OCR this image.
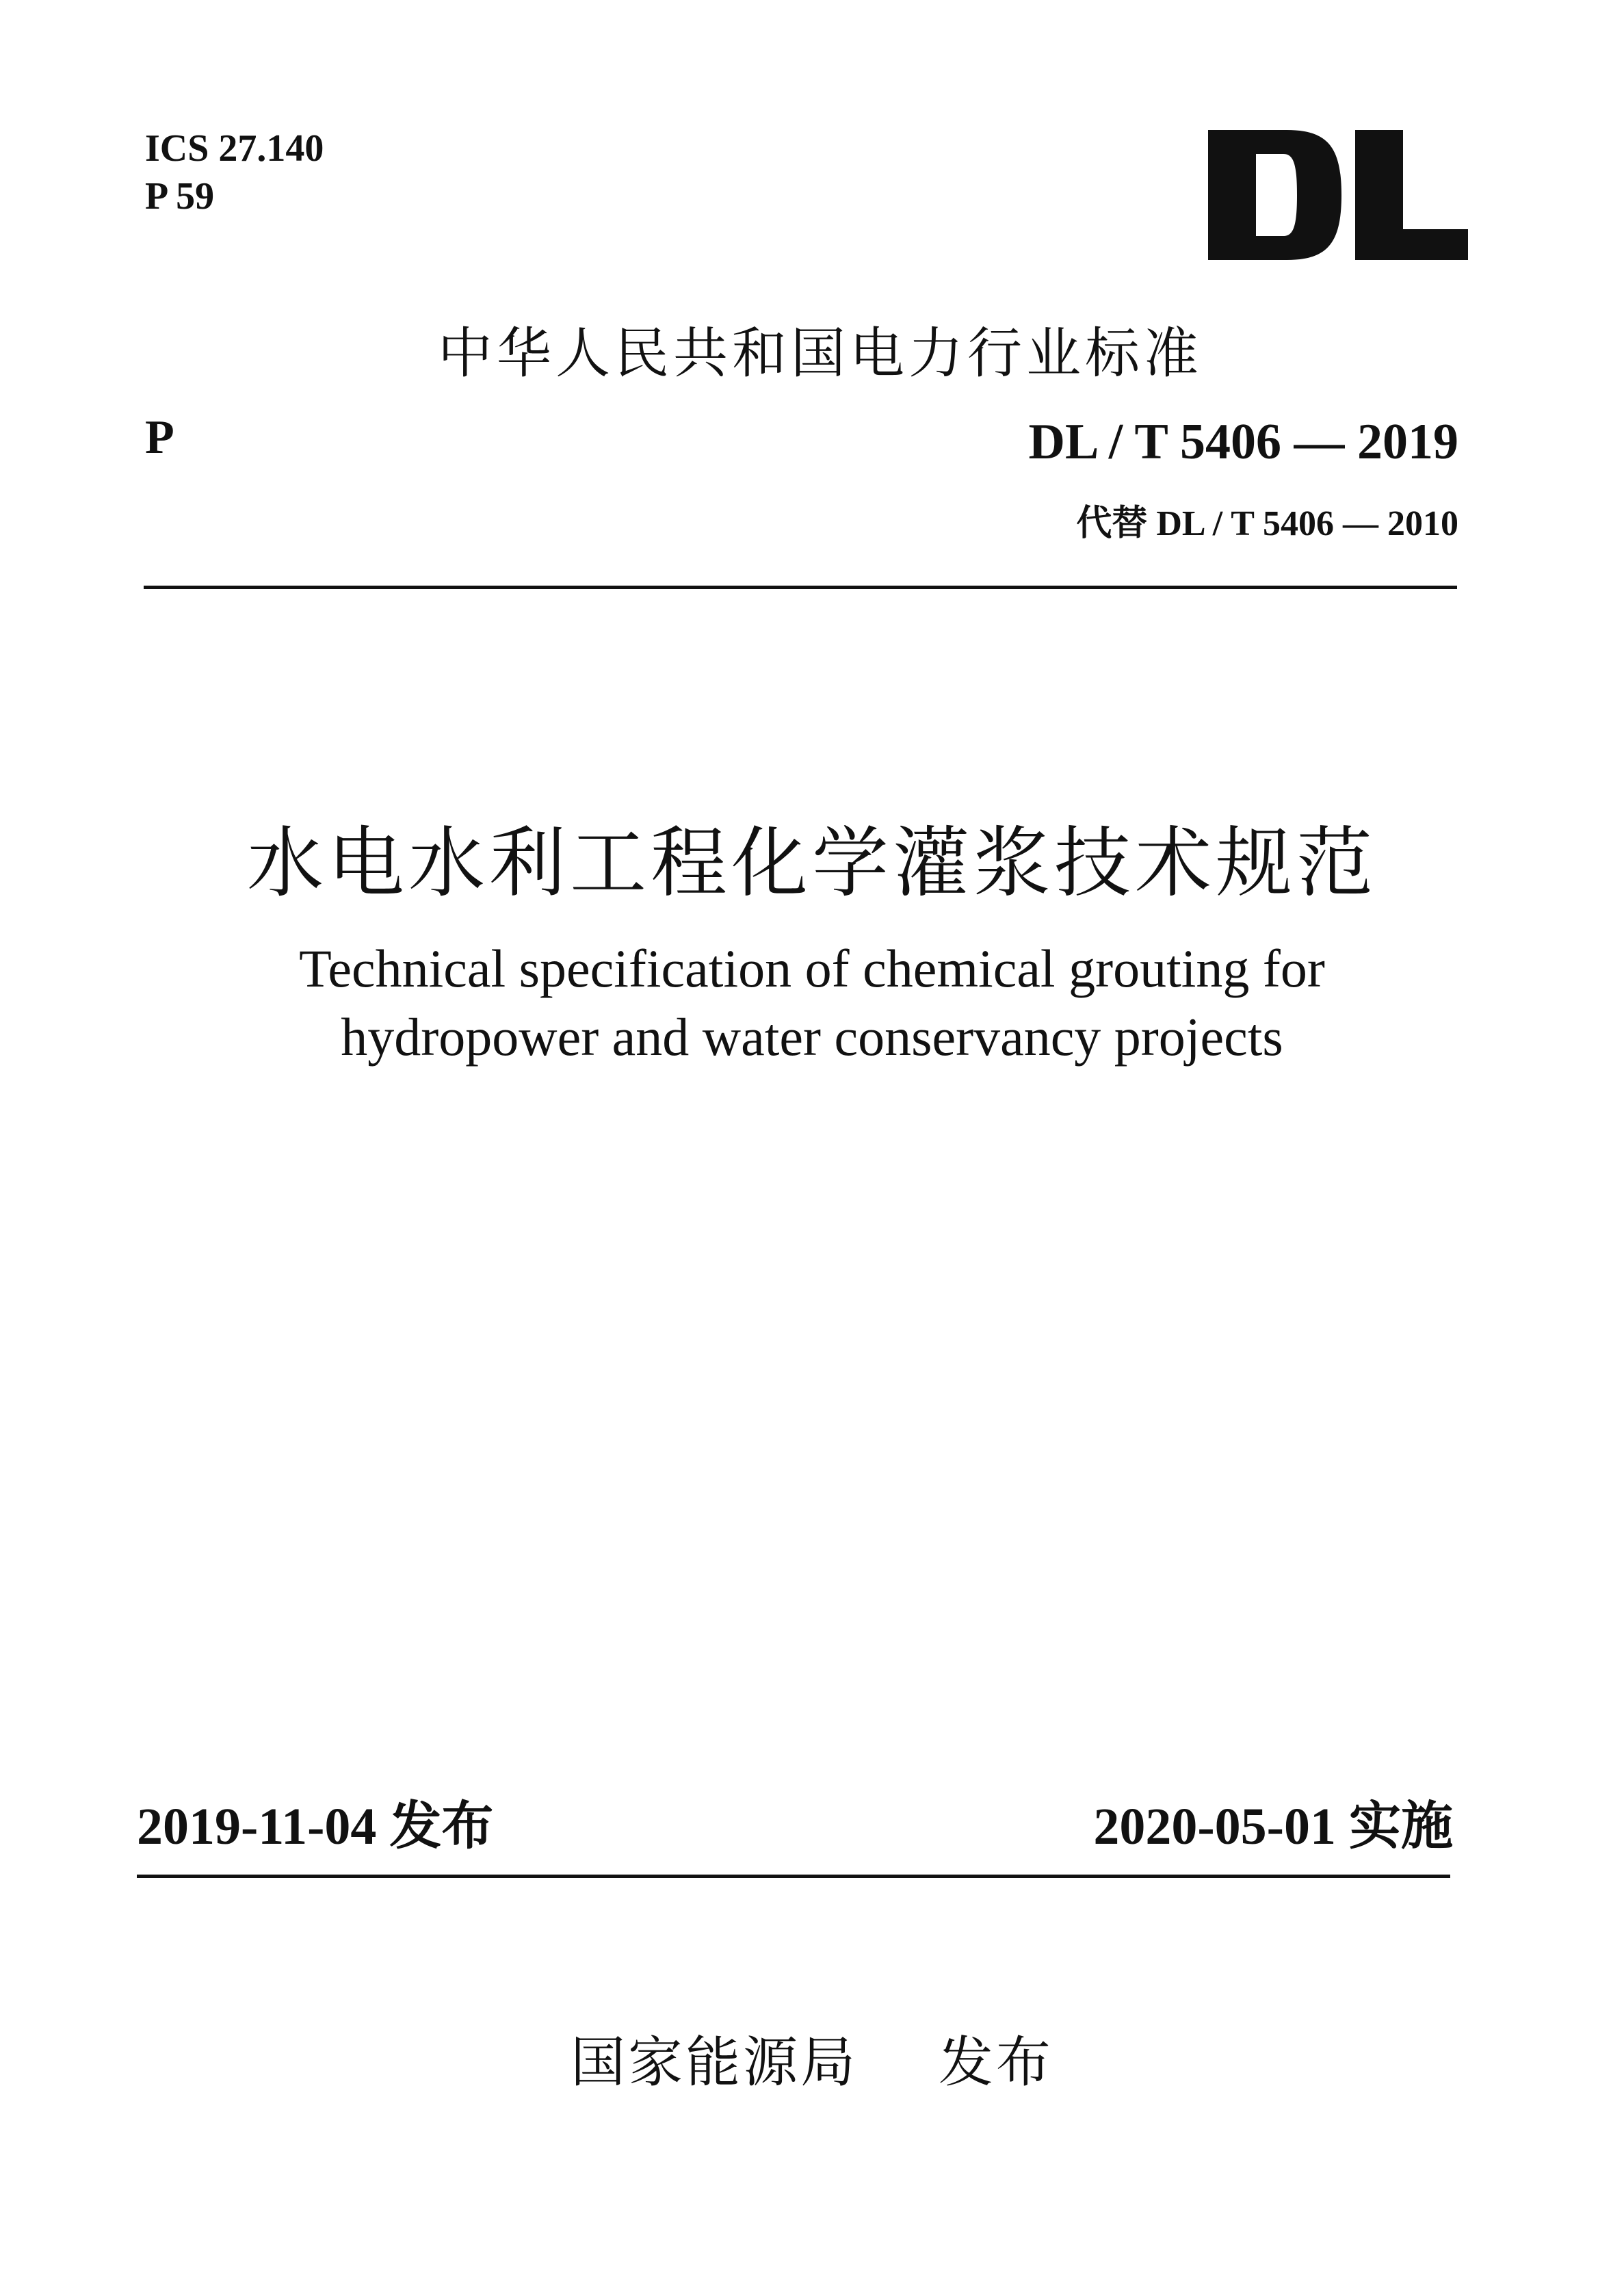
ICS 27.140
P 59
中华人民共和国电力行业标准
P	DL / T 5406 — 2019
代替 DL / T 5406 — 2010
水电水利工程化学灌浆技术规范
Technical specification of chemical grouting for
hydropower and water conservancy projects
2019-11-04 发布	2020-05-01 实施
国家能源局    发布
